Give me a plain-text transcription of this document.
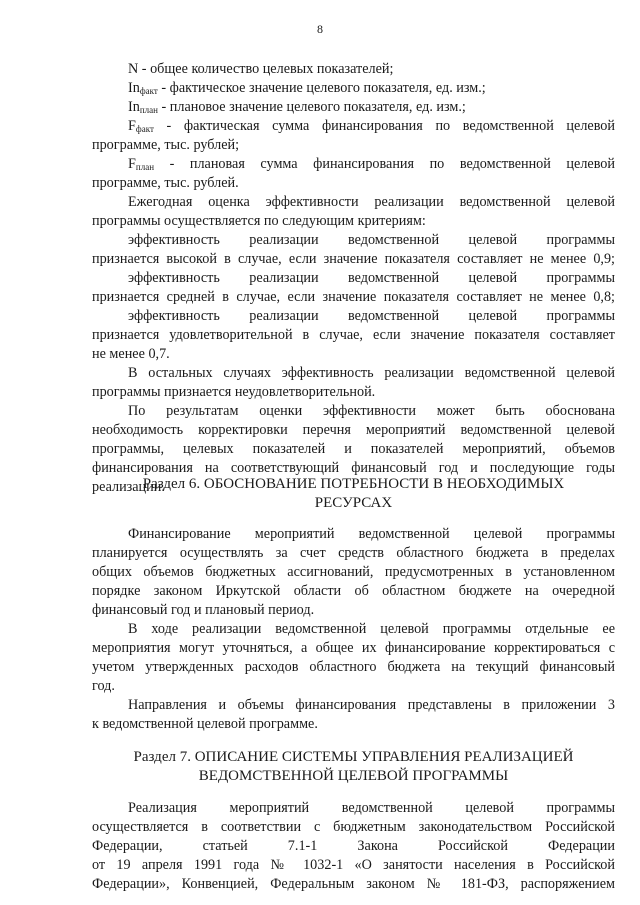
8
N - общее количество целевых показателей;
$In_{факт}$ - фактическое значение целевого показателя, ед. изм.;
$In_{план}$ - плановое значение целевого показателя, ед. изм.;
$F_{факт}$ - фактическая сумма финансирования по ведомственной целевой
программе, тыс. рублей;
$F_{план}$ - плановая сумма финансирования по ведомственной целевой
программе, тыс. рублей.
Ежегодная оценка эффективности реализации ведомственной целевой
программы осуществляется по следующим критериям:
эффективность реализации ведомственной целевой программы
признается высокой в случае, если значение показателя составляет не менее 0,9;
эффективность реализации ведомственной целевой программы
признается средней в случае, если значение показателя составляет не менее 0,8;
эффективность реализации ведомственной целевой программы
признается удовлетворительной в случае, если значение показателя составляет
не менее 0,7.
В остальных случаях эффективность реализации ведомственной целевой
программы признается неудовлетворительной.
По результатам оценки эффективности может быть обоснована
необходимость корректировки перечня мероприятий ведомственной целевой
программы, целевых показателей и показателей мероприятий, объемов
финансирования на соответствующий финансовый год и последующие годы
реализации.
Раздел 6. ОБОСНОВАНИЕ ПОТРЕБНОСТИ В НЕОБХОДИМЫХ
РЕСУРСАХ
Финансирование мероприятий ведомственной целевой программы
планируется осуществлять за счет средств областного бюджета в пределах
общих объемов бюджетных ассигнований, предусмотренных в установленном
порядке законом Иркутской области об областном бюджете на очередной
финансовый год и плановый период.
В ходе реализации ведомственной целевой программы отдельные ее
мероприятия могут уточняться, а общее их финансирование корректироваться с
учетом утвержденных расходов областного бюджета на текущий финансовый
год.
Направления и объемы финансирования представлены в приложении 3
к ведомственной целевой программе.
Раздел 7. ОПИСАНИЕ СИСТЕМЫ УПРАВЛЕНИЯ РЕАЛИЗАЦИЕЙ
ВЕДОМСТВЕННОЙ ЦЕЛЕВОЙ ПРОГРАММЫ
Реализация мероприятий ведомственной целевой программы
осуществляется в соответствии с бюджетным законодательством Российской
Федерации, статьей 7.1-1 Закона Российской Федерации
от 19 апреля 1991 года № 1032-1 «О занятости населения в Российской
Федерации», Конвенцией, Федеральным законом № 181-ФЗ, распоряжением
